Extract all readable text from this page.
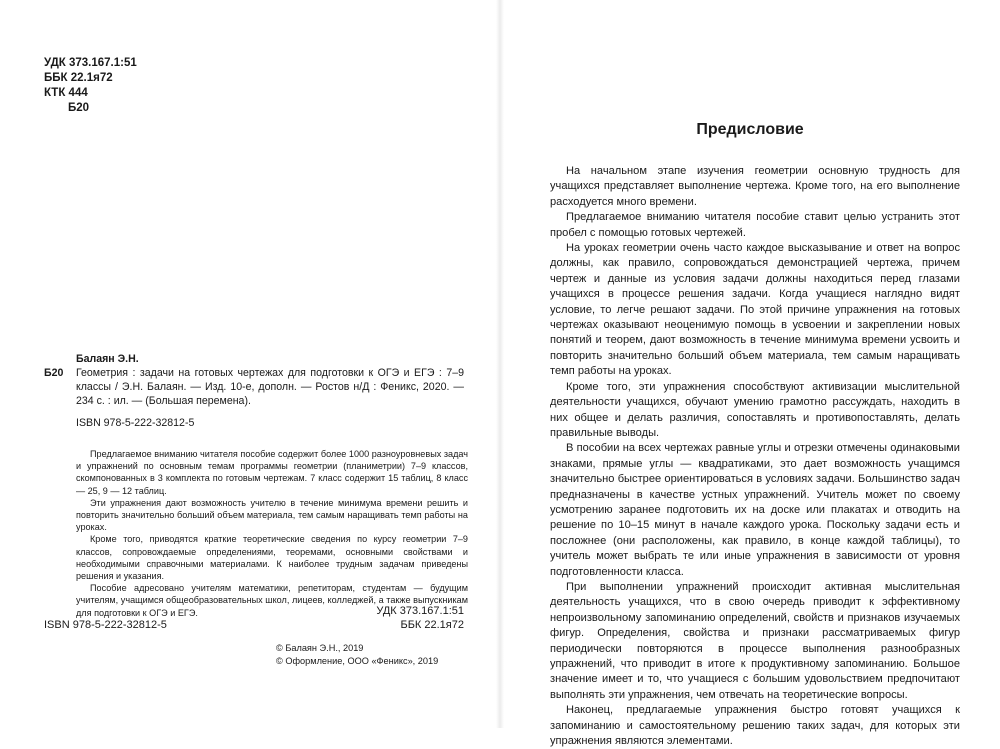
УДК 373.167.1:51
ББК 22.1я72
КТК 444
Б20
Балаян Э.Н.
Б20	Геометрия : задачи на готовых чертежах для подготовки к ОГЭ и ЕГЭ : 7–9 классы / Э.Н. Балаян. — Изд. 10-е, дополн. — Ростов н/Д : Феникс, 2020. — 234 с. : ил. — (Большая перемена).
ISBN 978-5-222-32812-5

Предлагаемое вниманию читателя пособие содержит более 1000 разноуровневых задач и упражнений по основным темам программы геометрии (планиметрии) 7–9 классов, скомпонованных в 3 комплекта по готовым чертежам. 7 класс содержит 15 таблиц, 8 класс — 25, 9 — 12 таблиц.

Эти упражнения дают возможность учителю в течение минимума времени решить и повторить значительно больший объем материала, тем самым наращивать темп работы на уроках.

Кроме того, приводятся краткие теоретические сведения по курсу геометрии 7–9 классов, сопровождаемые определениями, теоремами, основными свойствами и необходимыми справочными материалами. К наиболее трудным задачам приведены решения и указания.

Пособие адресовано учителям математики, репетиторам, студентам — будущим учителям, учащимся общеобразовательных школ, лицеев, колледжей, а также выпускникам для подготовки к ОГЭ и ЕГЭ.	УДК 373.167.1:51
ББК 22.1я72
ISBN 978-5-222-32812-5
© Балаян Э.Н., 2019
© Оформление, ООО «Феникс», 2019
Предисловие

На начальном этапе изучения геометрии основную трудность для учащихся представляет выполнение чертежа. Кроме того, на его выполнение расходуется много времени.

Предлагаемое вниманию читателя пособие ставит целью устранить этот пробел с помощью готовых чертежей.

На уроках геометрии очень часто каждое высказывание и ответ на вопрос должны, как правило, сопровождаться демонстрацией чертежа, причем чертеж и данные из условия задачи должны находиться перед глазами учащихся в процессе решения задачи. Когда учащиеся наглядно видят условие, то легче решают задачи. По этой причине упражнения на готовых чертежах оказывают неоценимую помощь в усвоении и закреплении новых понятий и теорем, дают возможность в течение минимума времени усвоить и повторить значительно больший объем материала, тем самым наращивать темп работы на уроках.

Кроме того, эти упражнения способствуют активизации мыслительной деятельности учащихся, обучают умению грамотно рассуждать, находить в них общее и делать различия, сопоставлять и противопоставлять, делать правильные выводы.

В пособии на всех чертежах равные углы и отрезки отмечены одинаковыми знаками, прямые углы — квадратиками, это дает возможность учащимся значительно быстрее ориентироваться в условиях задачи. Большинство задач предназначены в качестве устных упражнений. Учитель может по своему усмотрению заранее подготовить их на доске или плакатах и отводить на решение по 10–15 минут в начале каждого урока. Поскольку задачи есть и посложнее (они расположены, как правило, в конце каждой таблицы), то учитель может выбрать те или иные упражнения в зависимости от уровня подготовленности класса.

При выполнении упражнений происходит активная мыслительная деятельность учащихся, что в свою очередь приводит к эффективному непроизвольному запоминанию определений, свойств и признаков изучаемых фигур. Определения, свойства и признаки рассматриваемых фигур периодически повторяются в процессе выполнения разнообразных упражнений, что приводит в итоге к продуктивному запоминанию. Большое значение имеет и то, что учащиеся с большим удовольствием предпочитают выполнять эти упражнения, чем отвечать на теоретические вопросы.

Наконец, предлагаемые упражнения быстро готовят учащихся к запоминанию и самостоятельному решению таких задач, для которых эти упражнения являются элементами.
